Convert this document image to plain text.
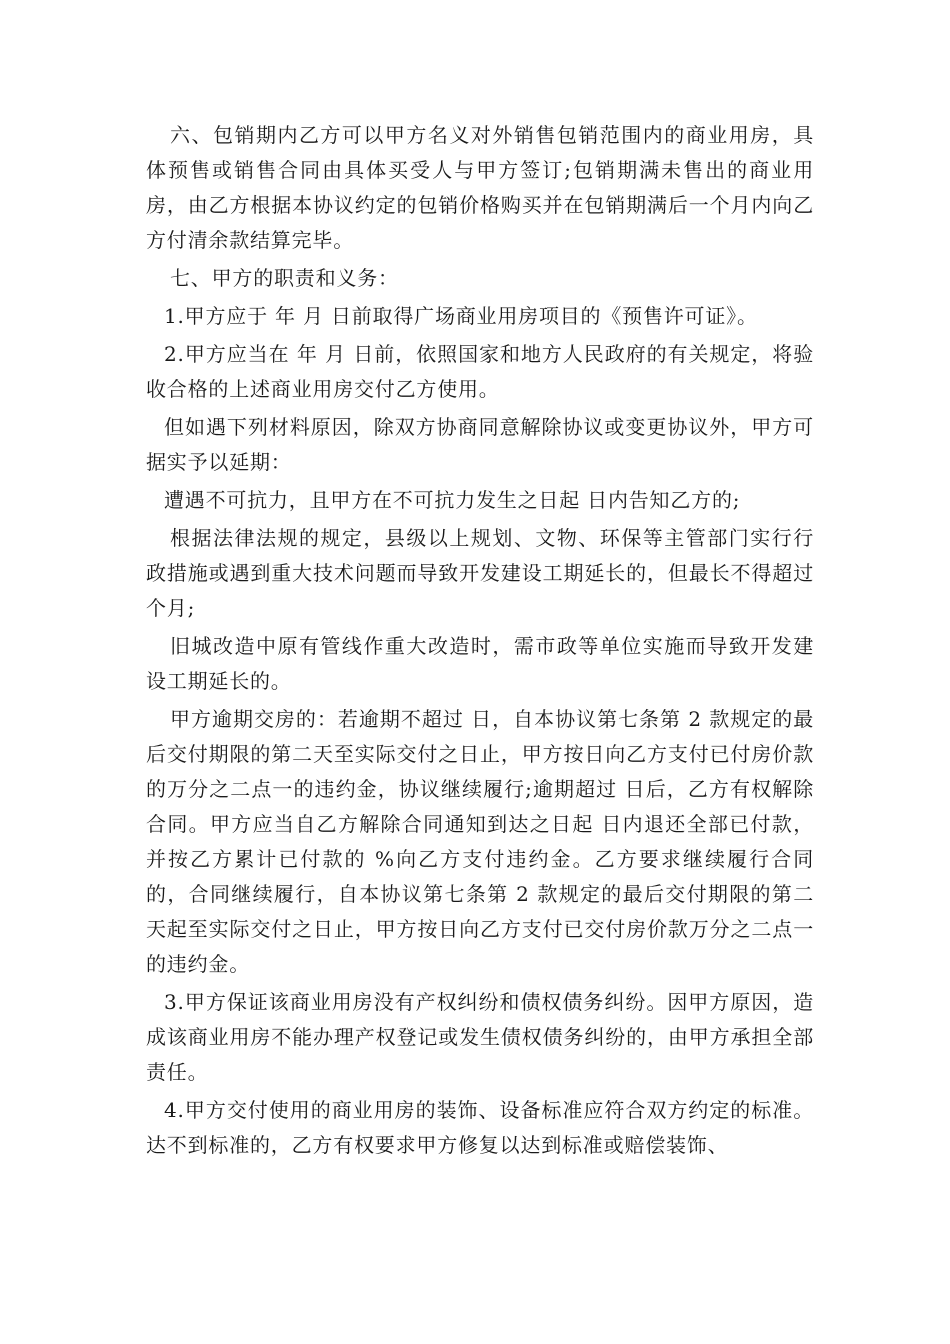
六、包销期内乙方可以甲方名义对外销售包销范围内的商业用房，具体预售或销售合同由具体买受人与甲方签订;包销期满未售出的商业用房，由乙方根据本协议约定的包销价格购买并在包销期满后一个月内向乙方付清余款结算完毕。

七、甲方的职责和义务：

1.甲方应于 年 月 日前取得广场商业用房项目的《预售许可证》。

2.甲方应当在 年 月 日前，依照国家和地方人民政府的有关规定，将验收合格的上述商业用房交付乙方使用。

但如遇下列材料原因，除双方协商同意解除协议或变更协议外，甲方可据实予以延期：

遭遇不可抗力，且甲方在不可抗力发生之日起 日内告知乙方的;

根据法律法规的规定，县级以上规划、文物、环保等主管部门实行行政措施或遇到重大技术问题而导致开发建设工期延长的，但最长不得超过 个月;

旧城改造中原有管线作重大改造时，需市政等单位实施而导致开发建设工期延长的。

甲方逾期交房的：若逾期不超过 日，自本协议第七条第 2 款规定的最后交付期限的第二天至实际交付之日止，甲方按日向乙方支付已付房价款的万分之二点一的违约金，协议继续履行;逾期超过 日后，乙方有权解除合同。甲方应当自乙方解除合同通知到达之日起 日内退还全部已付款，并按乙方累计已付款的 %向乙方支付违约金。乙方要求继续履行合同的，合同继续履行，自本协议第七条第 2 款规定的最后交付期限的第二天起至实际交付之日止，甲方按日向乙方支付已交付房价款万分之二点一的违约金。

3.甲方保证该商业用房没有产权纠纷和债权债务纠纷。因甲方原因，造成该商业用房不能办理产权登记或发生债权债务纠纷的，由甲方承担全部责任。

4.甲方交付使用的商业用房的装饰、设备标准应符合双方约定的标准。达不到标准的，乙方有权要求甲方修复以达到标准或赔偿装饰、
